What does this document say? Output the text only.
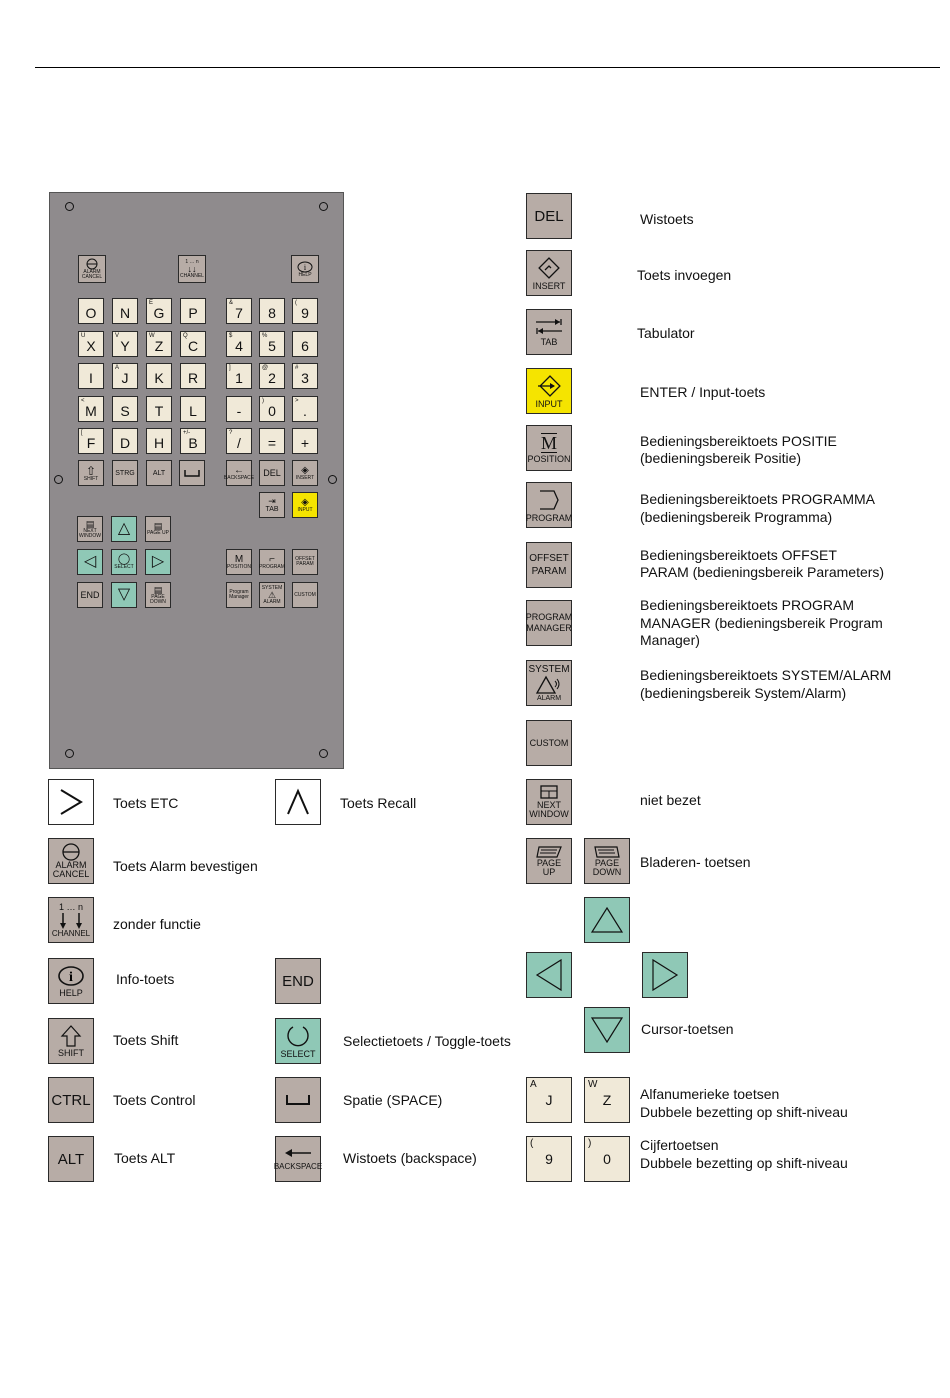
ALARM CANCEL
1 … n
↓↓
CHANNEL
i
HELP
O N
E
G P
U
X
V
Y
W
Z
Q
C
I
A
J K R
<
M S T L
[
F D H
+/-
B
&
7 8
(
9
$
4
%
5 6
]
1
@
2
#
3
-
)
0
>
.
?
/ = +
⇧
SHIFT
STRG	ALT	←
BACKSPACE DEL ◈
INSERT
⇥
TAB
◈
INPUT
▤
NEXT WINDOW △	▤
PAGE UP
◁ ◯
SELECT ▷
END ▽	▤
PAGE DOWN
M
POSITION
⌐
PROGRAM
OFFSET PARAM
Program Manager
SYSTEM
⚠
ALARM
CUSTOM
DEL	Wistoets
INSERT
Toets invoegen
TAB
Tabulator
INPUT
ENTER / Input-toets
M
POSITION
Bedieningsbereiktoets POSITIE
(bedieningsbereik Positie)
PROGRAM
Bedieningsbereiktoets PROGRAMMA
(bedieningsbereik Programma)
OFFSET
PARAM
Bedieningsbereiktoets OFFSET
PARAM (bedieningsbereik Parameters)
PROGRAM
MANAGER
Bedieningsbereiktoets PROGRAM
MANAGER (bedieningsbereik Program
Manager)
SYSTEM
ALARM
Bedieningsbereiktoets SYSTEM/ALARM
(bedieningsbereik System/Alarm)
CUSTOM
NEXT
WINDOW
niet bezet
PAGE
UP
PAGE
DOWN
Bladeren- toetsen
Cursor-toetsen
A
J
W
Z Alfanumerieke toetsen
Dubbele bezetting op shift-niveau
(
9
)
0
Cijfertoetsen
Dubbele bezetting op shift-niveau
Toets ETC	Toets Recall
ALARM
CANCEL Toets Alarm bevestigen
1 … n
CHANNEL
zonder functie
i
HELP
Info-toets	END
SHIFT
Toets Shift
SELECT
Selectietoets / Toggle-toets
CTRL Toets Control	Spatie (SPACE)
ALT Toets ALT
BACKSPACE
Wistoets (backspace)
